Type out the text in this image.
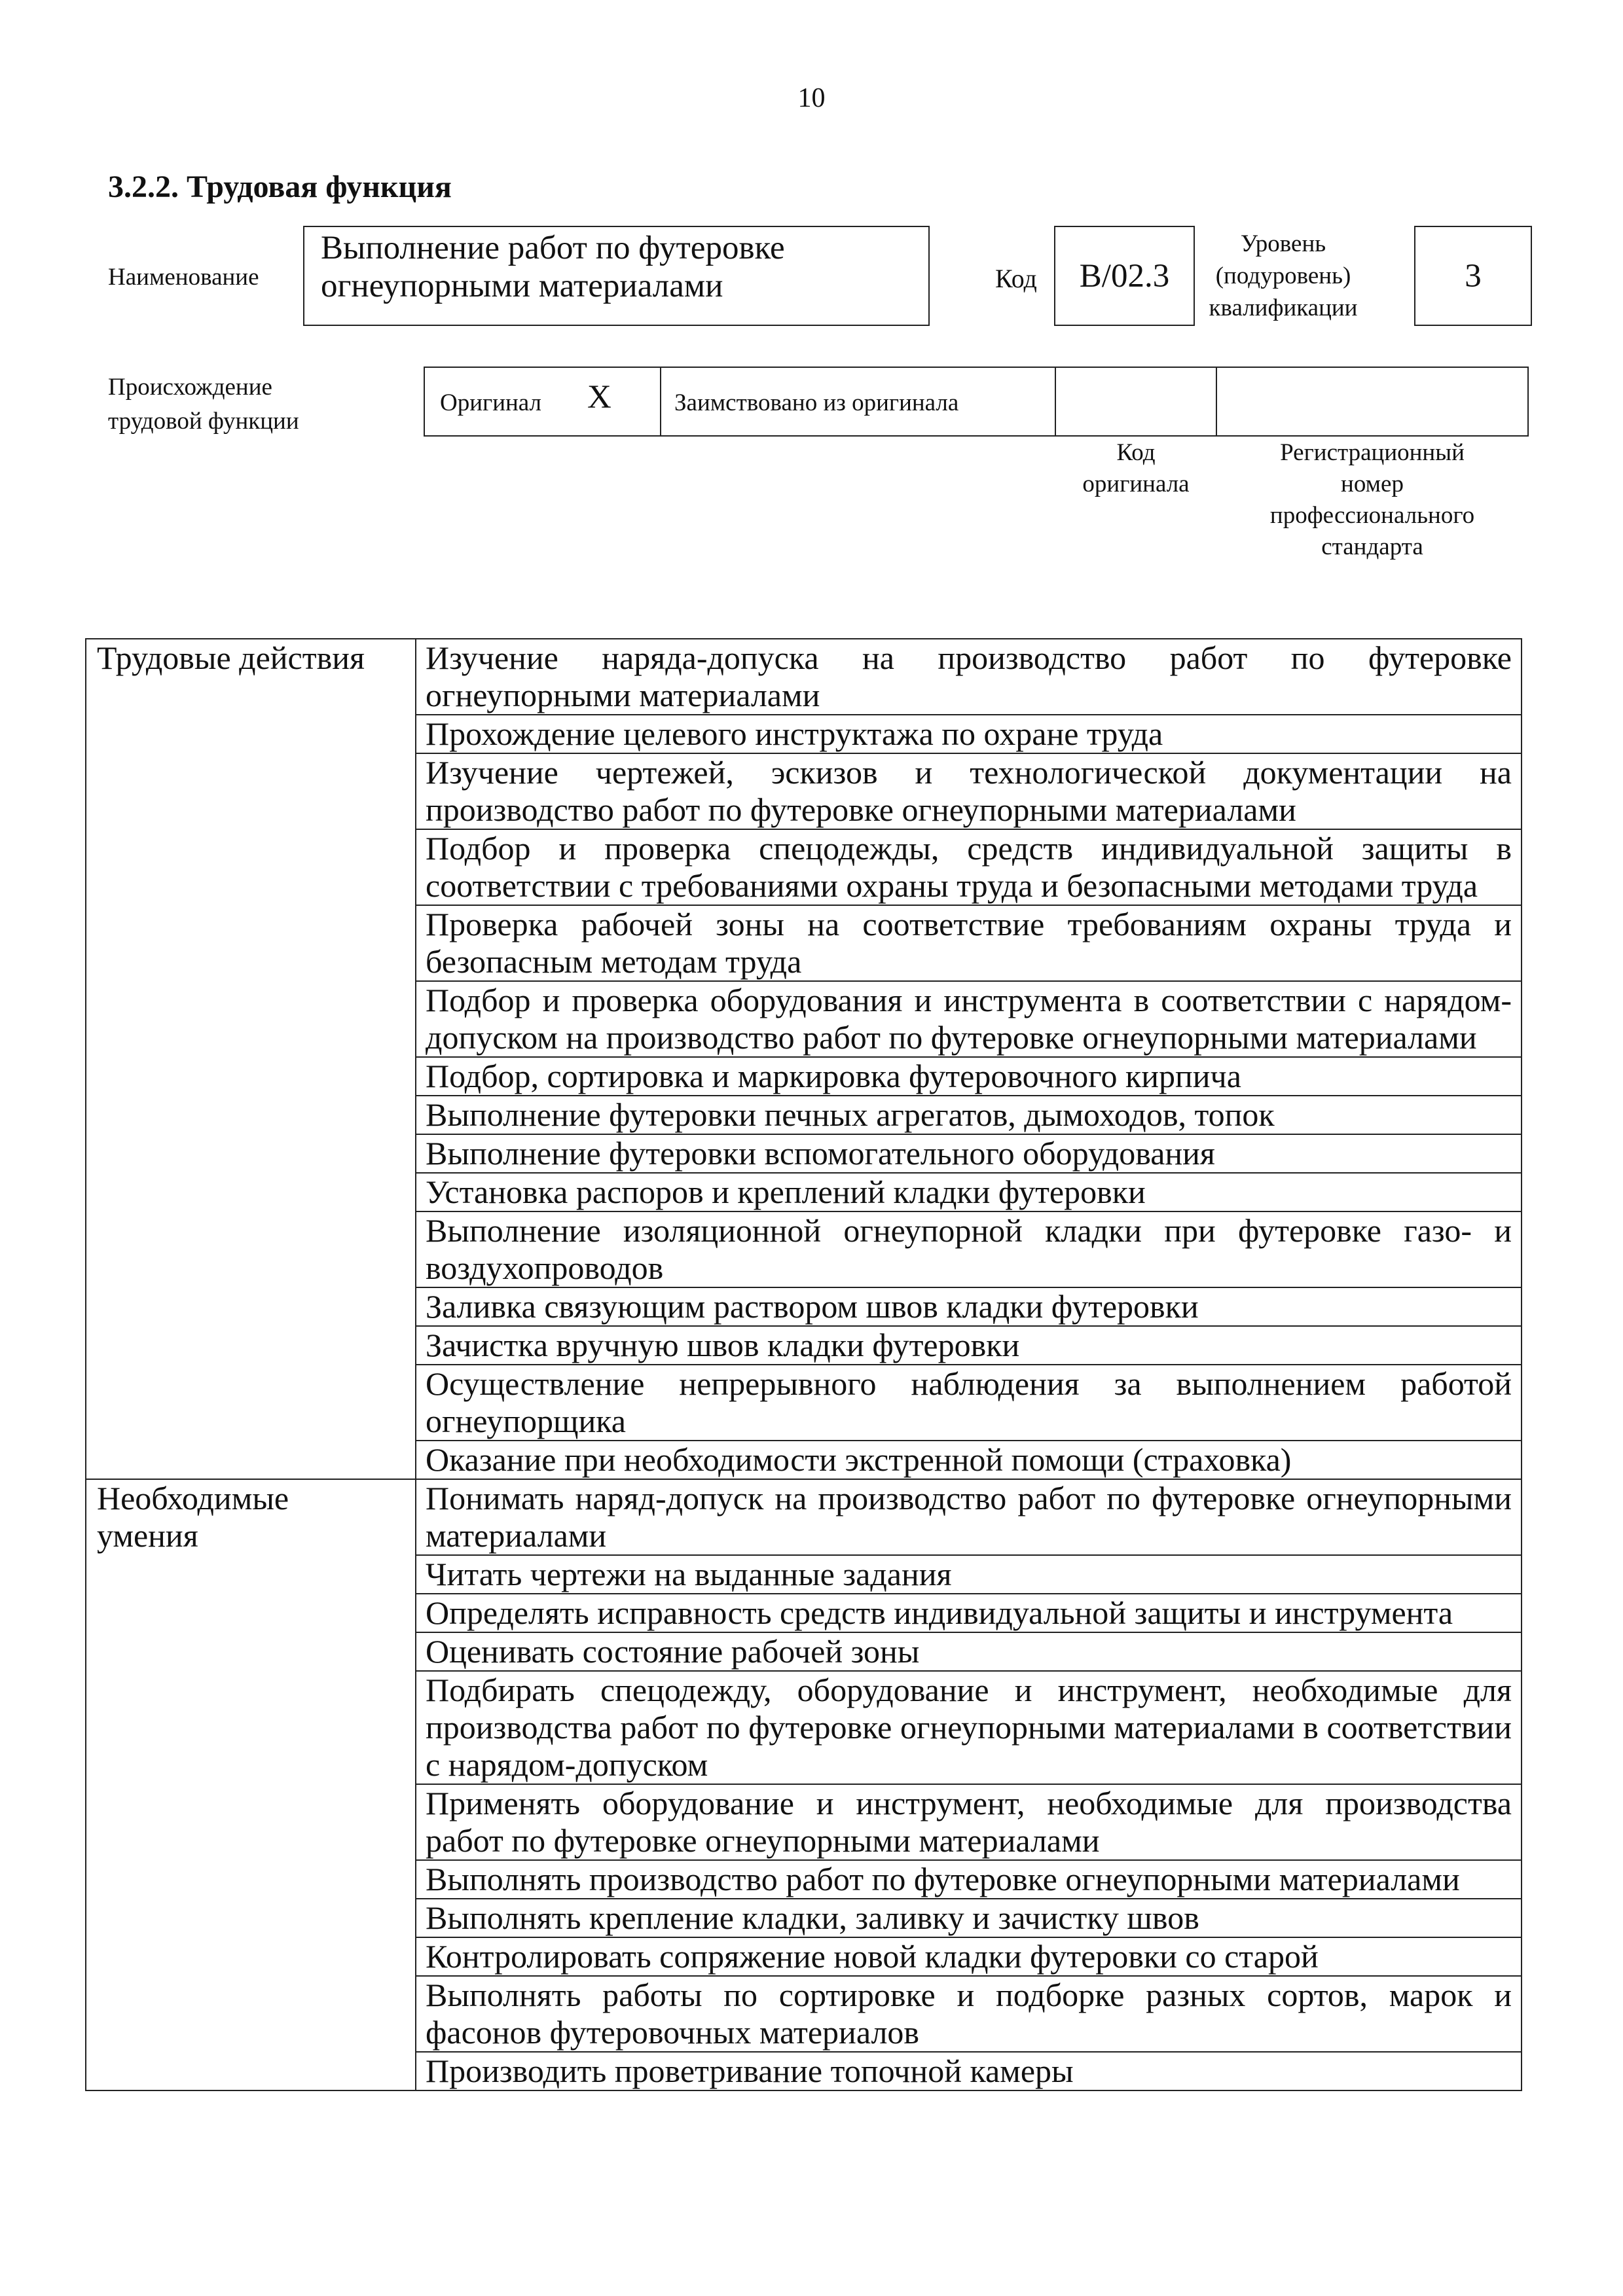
10
3.2.2. Трудовая функция
Наименование
Выполнение работ по футеровке огнеупорными материалами	Код	B/02.3
Уровень
(подуровень)
квалификации
3
Происхождение
трудовой функции
Оригинал X	Заимствовано из оригинала
Код
оригинала
Регистрационный
номер
профессионального
стандарта
Трудовые действия	Изучение наряда-допуска на производство работ по футеровке огнеупорными материалами
	Прохождение целевого инструктажа по охране труда
	Изучение чертежей, эскизов и технологической документации на производство работ по футеровке огнеупорными материалами
	Подбор и проверка спецодежды, средств индивидуальной защиты в соответствии с требованиями охраны труда и безопасными методами труда
	Проверка рабочей зоны на соответствие требованиям охраны труда и безопасным методам труда
	Подбор и проверка оборудования и инструмента в соответствии с нарядом-допуском на производство работ по футеровке огнеупорными материалами
	Подбор, сортировка и маркировка футеровочного кирпича
	Выполнение футеровки печных агрегатов, дымоходов, топок
	Выполнение футеровки вспомогательного оборудования
	Установка распоров и креплений кладки футеровки
	Выполнение изоляционной огнеупорной кладки при футеровке газо- и воздухопроводов
	Заливка связующим раствором швов кладки футеровки
	Зачистка вручную швов кладки футеровки
	Осуществление непрерывного наблюдения за выполнением работой огнеупорщика
	Оказание при необходимости экстренной помощи (страховка)

Необходимые
умения	Понимать наряд-допуск на производство работ по футеровке огнеупорными материалами
	Читать чертежи на выданные задания
	Определять исправность средств индивидуальной защиты и инструмента
	Оценивать состояние рабочей зоны
	Подбирать спецодежду, оборудование и инструмент, необходимые для производства работ по футеровке огнеупорными материалами в соответствии с нарядом-допуском
	Применять оборудование и инструмент, необходимые для производства работ по футеровке огнеупорными материалами
	Выполнять производство работ по футеровке огнеупорными материалами
	Выполнять крепление кладки, заливку и зачистку швов
	Контролировать сопряжение новой кладки футеровки со старой
	Выполнять работы по сортировке и подборке разных сортов, марок и фасонов футеровочных материалов
	Производить проветривание топочной камеры
